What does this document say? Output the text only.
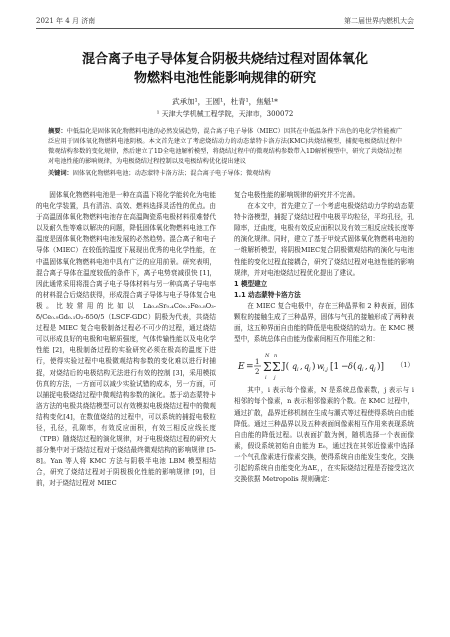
2021 年 4 月 济南	第二届世界内燃机大会
混合离子电子导体复合阴极共烧结过程对固体氧化
物燃料电池性能影响规律的研究
武承加¹，王圆¹，杜青¹，焦魁¹*
¹ 天津大学机械工程学院，天津市，300072
摘要：中低温化是固体氧化物燃料电池的必然发展趋势，混合离子电子导体（MIEC）因其在中低温条件下出色的电化学性能被广泛应用于固体氧化物燃料电池阴极。本文首先建立了考虑烧结动力的动态蒙特卡洛方法(KMC)共烧结模型，捕捉电极烧结过程中微观结构参数的变化规律，然后建立了1D全电池解析模型，将烧结过程中的微观结构参数带入1D解析模型中，研究了共烧结过程对电池性能的影响规律，为电极烧结过程控制以及电极结构优化提出建议
关键词：固体氧化物燃料电池；动态蒙特卡洛方法；混合离子电子导体；微观结构

固体氧化物燃料电池是一种在高温下将化学能转化为电能的电化学装置，具有清洁、高效、燃料选择灵活性的优点。由于高温固体氧化物燃料电池存在高温陶瓷系电极材料很难替代以及耐久性等难以解决的问题，降低固体氧化物燃料电池工作温度是固体氧化物燃料电池发展的必然趋势。混合离子和电子导体（MIEC）在较低的温度下展现出优秀的电化学性能，在中温固体氧化物燃料电池中具有广泛的应用前景。研究表明，混合离子导体在温度较低的条件下，离子电势衰减很快 [1]，因此通常采用将混合离子电子导体材料与另一种高离子导电率的材料混合后烧结获得，形成混合离子导体与电子导体复合电极。比较常用的比如以 La₀.₆Sr₀.₄Co₀.₂Fe₀.₈O₃-δ/Ce₀.₉Gd₀.₁O₂-δ50/5（LSCF-GDC）阴极为代表，共烧结过程是 MIEC 复合电极制备过程必不可少的过程，通过烧结可以形成良好的电极和电解质强度，气体传输性能以及电化学性能 [2]，电极制备过程的实验研究必须在极高的温度下进行，使得实验过程中电极微观结构参数的变化难以进行时捕捉，对烧结后的电极结构无法进行有效的控制 [3]，采用模拟仿真的方法，一方面可以减少实验试错的成本，另一方面，可以捕捉电极烧结过程中微观结构参数的演化。基于动态蒙特卡洛方法的电极共烧结模型可以有效模拟电极烧结过程中的微观结构变化[4]，在数值烧结的过程中，可以系统的捕捉电极粒径，孔径，孔隙率，有效反应面积，有效三相反应线长度（TPB）随烧结过程的演化规律，对于电极烧结过程的研究大部分集中对于烧结过程对于烧结最终微观结构的影响规律 [5-8]。Yan 等人将 KMC 方法与阴极半电池 LBM 模型相结合，研究了烧结过程对于阴极极化性能的影响规律 [9]，目前，对于烧结过程对 MIEC

复合电极性能的影响规律的研究并不完善。

在本文中，首先建立了一个考虑电极烧结动力学的动态蒙特卡洛模型，捕捉了烧结过程中电极平均粒径，平均孔径，孔隙率，迂曲度，电极有效反应面积以及有效三相反应线长度等的演化规律。同时，建立了基于甲烷式固体氧化物燃料电池的一维解析模型，将阴极MIEC复合阴极微观结构的演化与电池性能的变化过程直接耦合，研究了烧结过程对电池性能的影响规律，并对电池烧结过程优化提出了建议。

1 模型建立

1.1 动态蒙特卡洛方法

在 MIEC 复合电极中，存在三种晶界和 2 种表面，固体颗粒的接触生成了三种晶界，固体与气孔的接触形成了两种表面，这五种界面自由能的降低是电极烧结的动力。在 KMC 模型中，系统总体自由能为像素间相互作用能之和：

E = 1
2
N
Σ
i
n
Σ
j
J( q i , q j ) w i,j [1 − δ ( q i , q j )] （1）

其中，i 表示每个像素，N 是系统总像素数，j 表示与 i 相邻的每个像素，n 表示相邻像素的个数。在 KMC 过程中，通过扩散，晶界迁移机制在生成与潮式等过程使得系统自由能降低。通过三种晶界以及五种表面间像素相互作用来表现系统自由能的降低过程。以表面扩散为例，随机选择一个表面像素，假设系统初始自由能为 E₀，通过找在其邻近像素中选择一个气孔像素进行像素交换，使得系统自由能发生变化，交换引起的系统自由能变化为ΔE，，在实际烧结过程是否接受这次交换依据 Metropolis 规则确定：
